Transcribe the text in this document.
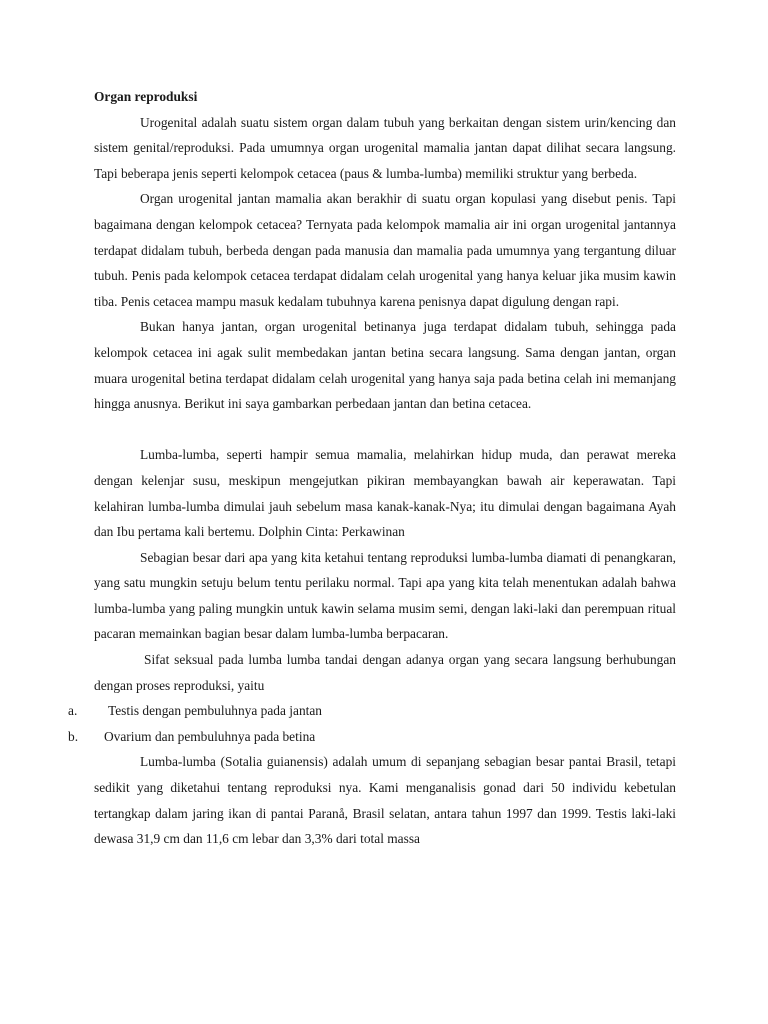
Organ reproduksi

Urogenital adalah suatu sistem organ dalam tubuh yang berkaitan dengan sistem urin/kencing dan sistem genital/reproduksi. Pada umumnya organ urogenital mamalia jantan dapat dilihat secara langsung. Tapi beberapa jenis seperti kelompok cetacea (paus & lumba-lumba) memiliki struktur yang berbeda.

Organ urogenital jantan mamalia akan berakhir di suatu organ kopulasi yang disebut penis. Tapi bagaimana dengan kelompok cetacea? Ternyata pada kelompok mamalia air ini organ urogenital jantannya terdapat didalam tubuh, berbeda dengan pada manusia dan mamalia pada umumnya yang tergantung diluar tubuh. Penis pada kelompok cetacea terdapat didalam celah urogenital yang hanya keluar jika musim kawin tiba. Penis cetacea mampu masuk kedalam tubuhnya karena penisnya dapat digulung dengan rapi.

Bukan hanya jantan, organ urogenital betinanya juga terdapat didalam tubuh, sehingga pada kelompok cetacea ini agak sulit membedakan jantan betina secara langsung. Sama dengan jantan, organ muara urogenital betina terdapat didalam celah urogenital yang hanya saja pada betina celah ini memanjang hingga anusnya. Berikut ini saya gambarkan perbedaan jantan dan betina cetacea.

Lumba-lumba, seperti hampir semua mamalia, melahirkan hidup muda, dan perawat mereka dengan kelenjar susu, meskipun mengejutkan pikiran membayangkan bawah air keperawatan. Tapi kelahiran lumba-lumba dimulai jauh sebelum masa kanak-kanak-Nya; itu dimulai dengan bagaimana Ayah dan Ibu pertama kali bertemu. Dolphin Cinta: Perkawinan

Sebagian besar dari apa yang kita ketahui tentang reproduksi lumba-lumba diamati di penangkaran, yang satu mungkin setuju belum tentu perilaku normal. Tapi apa yang kita telah menentukan adalah bahwa lumba-lumba yang paling mungkin untuk kawin selama musim semi, dengan laki-laki dan perempuan ritual pacaran memainkan bagian besar dalam lumba-lumba berpacaran.

Sifat seksual pada lumba lumba tandai dengan adanya organ yang secara langsung berhubungan dengan proses reproduksi, yaitu

a. Testis dengan pembuluhnya pada jantan

b. Ovarium dan pembuluhnya pada betina

Lumba-lumba (Sotalia guianensis) adalah umum di sepanjang sebagian besar pantai Brasil, tetapi sedikit yang diketahui tentang reproduksi nya. Kami menganalisis gonad dari 50 individu kebetulan tertangkap dalam jaring ikan di pantai Paranå, Brasil selatan, antara tahun 1997 dan 1999. Testis laki-laki dewasa 31,9 cm dan 11,6 cm lebar dan 3,3% dari total massa
